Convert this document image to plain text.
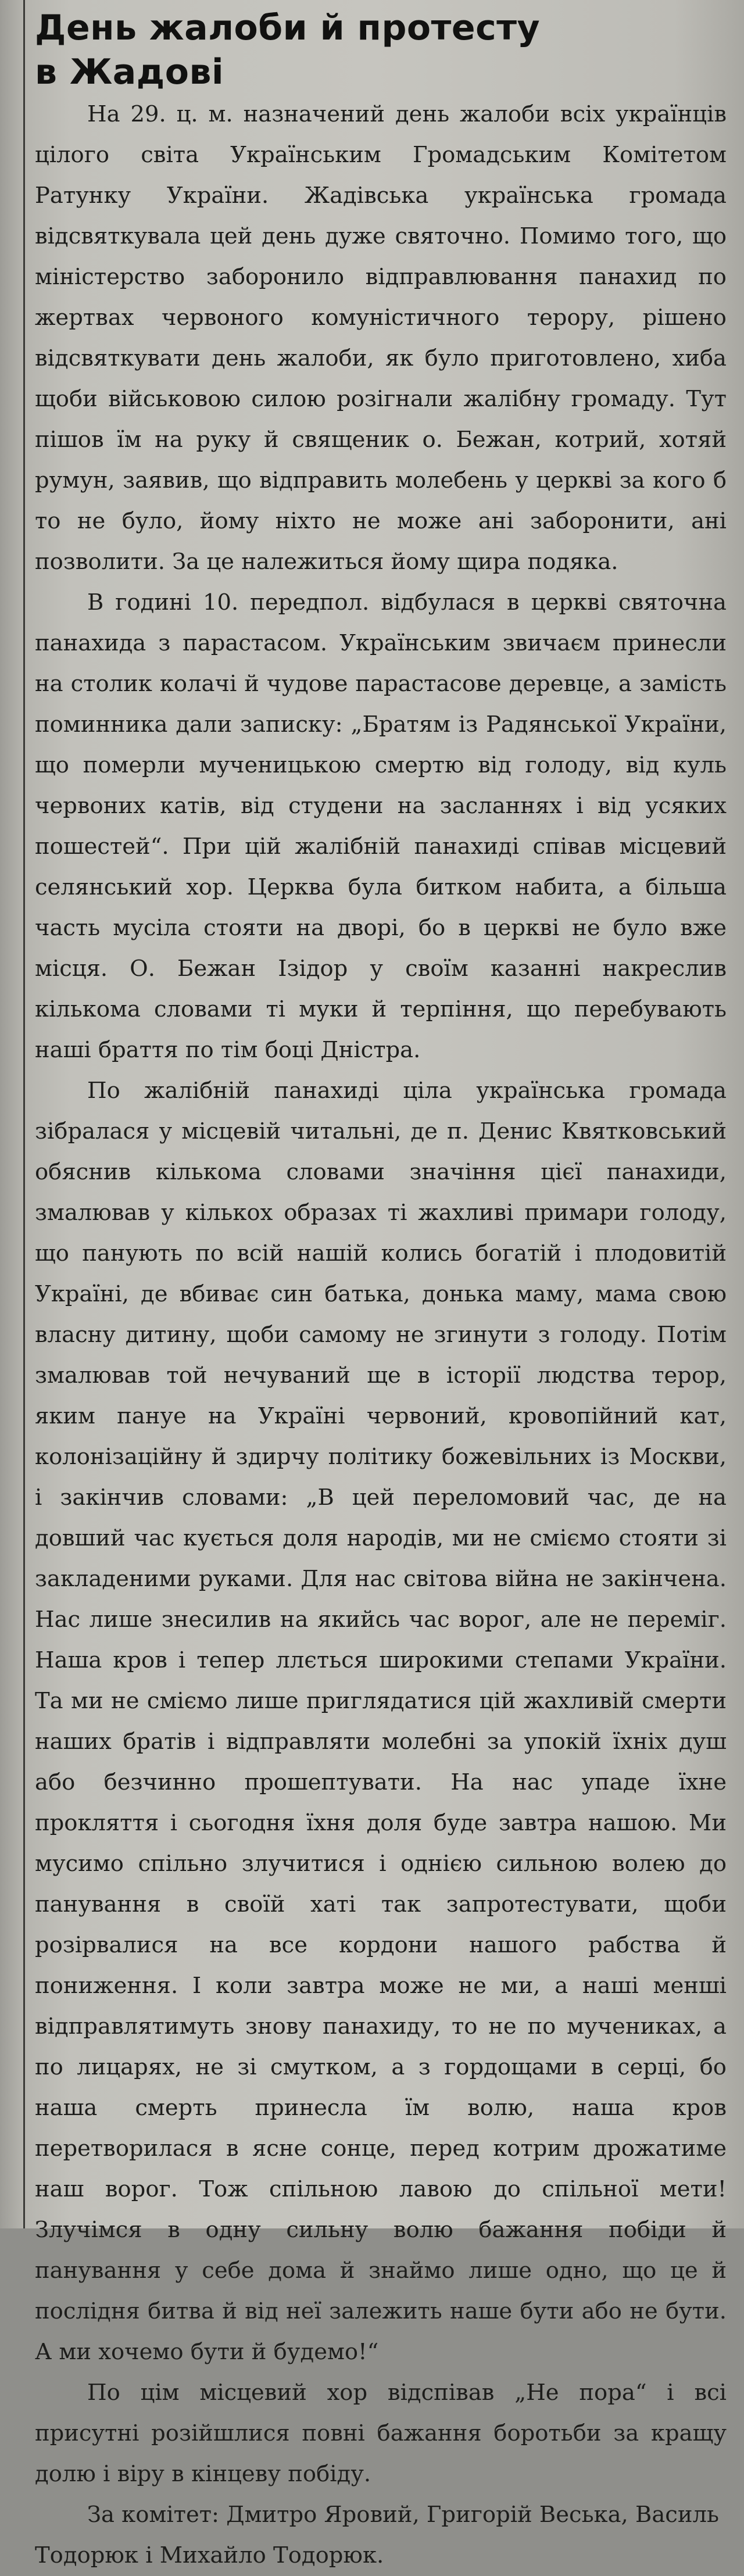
День жалоби й протесту
в Жадові

На 29. ц. м. назначений день жалоби всіх українців цілого світа Українським Громадським Комітетом Ратунку України. Жадівська українська громада відсвяткувала цей день дуже святочно. Помимо того, що міністерство заборонило відправлювання панахид по жертвах червоного комуністичного терору, рішено відсвяткувати день жалоби, як було приготовлено, хиба щоби військовою силою розігнали жалібну громаду. Тут пішов їм на руку й священик о. Бежан, котрий, хотяй румун, заявив, що відправить молебень у церкві за кого б то не було, йому ніхто не може ані заборонити, ані позволити. За це належиться йому щира подяка.

В годині 10. передпол. відбулася в церкві святочна панахида з парастасом. Українським звичаєм принесли на столик колачі й чудове парастасове деревце, а замість поминника дали записку: „Братям із Радянської України, що померли мученицькою смертю від голоду, від куль червоних катів, від студени на засланнях і від усяких пошестей“. При цій жалібній панахиді співав місцевий селянський хор. Церква була битком набита, а більша часть мусіла стояти на дворі, бо в церкві не було вже місця. О. Бежан Ізідор у своїм казанні накреслив кількома словами ті муки й терпіння, що перебувають наші браття по тім боці Дністра.

По жалібній панахиді ціла українська громада зібралася у місцевій читальні, де п. Денис Квятковський обяснив кількома словами значіння цієї панахиди, змалював у кількох образах ті жахливі примари голоду, що панують по всій нашій колись богатій і плодовитій Україні, де вбиває син батька, донька маму, мама свою власну дитину, щоби самому не згинути з голоду. Потім змалював той нечуваний ще в історії людства терор, яким пануе на Україні червоний, кровопійний кат, колонізаційну й здирчу політику божевільних із Москви, і закінчив словами: „В цей переломовий час, де на довший час кується доля народів, ми не сміємо стояти зі закладеними руками. Для нас світова війна не закінчена. Нас лише знесилив на якийсь час ворог, але не переміг. Наша кров і тепер ллється широкими степами України. Та ми не сміємо лише приглядатися цій жахливій смерти наших братів і відправляти молебні за упокій їхніх душ або безчинно прошептувати. На нас упаде їхне прокляття і сьогодня їхня доля буде завтра нашою. Ми мусимо спільно злучитися і однією сильною волею до панування в своїй хаті так запротестувати, щоби розірвалися на все кордони нашого рабства й пониження. І коли завтра може не ми, а наші менші відправлятимуть знову панахиду, то не по мучениках, а по лицарях, не зі смутком, а з гордощами в серці, бо наша смерть принесла їм волю, наша кров перетворилася в ясне сонце, перед котрим дрожатиме наш ворог. Тож спільною лавою до спільної мети! Злучімся в одну сильну волю бажання побіди й панування у себе дома й знаймо лише одно, що це й послідня битва й від неї залежить наше бути або не бути. А ми хочемо бути й будемо!“

По цім місцевий хор відспівав „Не пора“ і всі присутні розійшлися повні бажання боротьби за кращу долю і віру в кінцеву побіду.

За комітет: Дмитро Яровий, Григорій Веська, Василь Тодорюк і Михайло Тодорюк.
